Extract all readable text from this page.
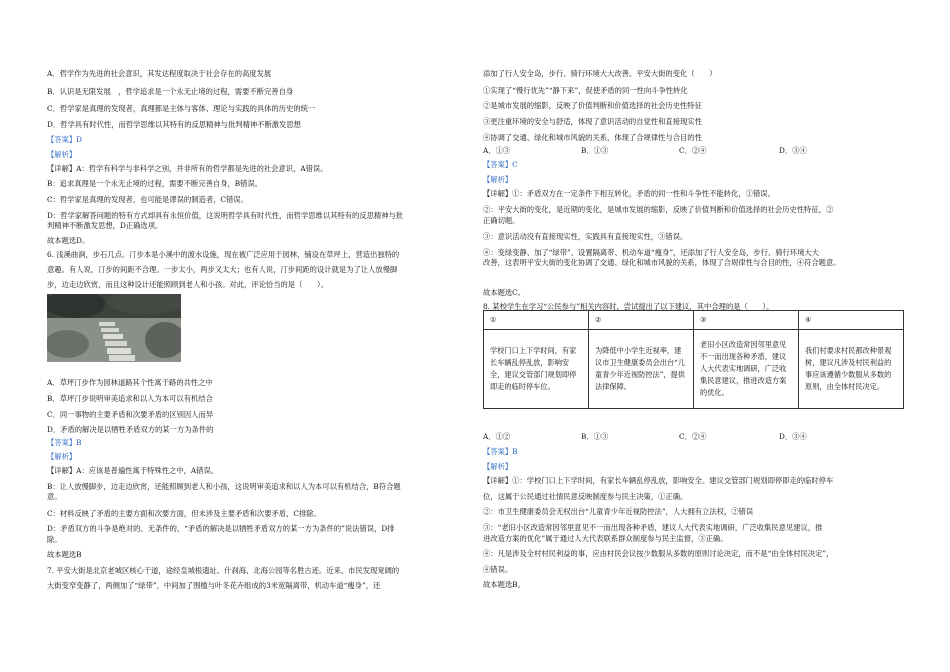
A．哲学作为先进的社会意识，其发达程度取决于社会存在的高度发展
B．认识是无限发展　，哲学追求是一个永无止境的过程，需要不断完善自身
C．哲学家是真理的发现者，真理都是主体与客体、理论与实践的具体的历史的统一
D．哲学具有时代性，而哲学思维以其特有的反思精神与批判精神不断激发思想
【答案】D
【解析】
【详解】A：哲学有科学与非科学之别，并非所有的哲学都是先进的社会意识，A错误。
B：追求真理是一个永无止境的过程，需要不断完善自身，B错误。
C：哲学家是真理的发现者，也可能是谬误的制造者，C错误。
D：哲学家解答问题的特有方式却具有永恒价值，这说明哲学具有时代性，而哲学思维以其特有的反思精神与批
判精神不断激发思想，D正确选项。
故本题选D。
6. 浅溪曲涧，步石几点。汀步本是小溪中的渡水设施，现在被广泛应用于园林，铺设在草坪上，营造出独特的
意趣。有人说，汀步的间距不合理。一步太小，两步又太大；也有人说，汀步间距的设计就是为了让人放慢脚
步，边走边欣赏，而且这种设计还能照顾到老人和小孩。对此，评论恰当的是（　　）。
A．草坪汀步作为园林道路其个性寓于路的共性之中
B．草坪汀步说明审美追求和以人为本可以有机结合
C．同一事物的主要矛盾和次要矛盾的区别因人而异
D．矛盾的解决是以牺牲矛盾双方的某一方为条件的
【答案】B
【解析】
【详解】A：应该是普遍性寓于特殊性之中，A错误。
B：让人放慢脚步，边走边欣赏，还能照顾到老人和小孩，这说明审美追求和以人为本可以有机结合，B符合题
意。
C：材料反映了矛盾的主要方面和次要方面，但未涉及主要矛盾和次要矛盾，C排除。
D：矛盾双方的斗争是绝对的、无条件的，“矛盾的解决是以牺牲矛盾双方的某一方为条件的”说法错误，D排
除。
故本题选B
7. 平安大街是北京老城区核心干道，途经皇城根遗址、什刹海、北海公园等名胜古迹。近来，市民发现宽阔的
大街变窄变静了，两侧加了“绿带”，中间加了围槛与叶冬花卉组成的3米宽隔离带，机动车道“瘦身”，还
添加了行人安全岛，步行、骑行环境大大改善。平安大街的变化（　　）
①实现了“慢行优先”“静下来”，促使矛盾的同一性向斗争性转化
②是城市发展的缩影，反映了价值判断和价值选择的社会历史性特征
③更注重环境的安全与舒适，体现了意识活动的自觉性和直接现实性
④协调了交通、绿化和城市风貌的关系，体现了合规律性与合目的性
A．①③	B．①③	C．②④	D．③④
【答案】C
【解析】
【详解】①：矛盾双方在一定条件下相互转化，矛盾的同一性和斗争性不能转化，①错误。
②：平安大街的变化，是近期的变化，是城市发展的缩影，反映了价值判断和价值选择的社会历史性特征，②
正确切题。
③：意识活动没有直接现实性，实践具有直接现实性，③错误。
④：变绿变静、加了“绿带”、设置隔离带、机动车道“瘦身”，还添加了行人安全岛，步行、骑行环境大大
改善，这表明平安大街的变化协调了交通、绿化和城市风貌的关系，体现了合规律性与合目的性，④符合题意。
故本题选C。
8. 某校学生在学习“公民参与”相关内容时，尝试提出了以下建议，其中合理的是（　　）。
①	②	③	④
学校门口上下学时间，有家长车辆乱停乱放，影响安全，建议交管部门规划即停即走的临时停车位。	为降低中小学生近视率，建议市卫生健康委员会出台“儿童青少年近视防控法”，提供法律保障。	老旧小区改造常因邻里意见不一而出现各种矛盾，建议人大代表实地调研，广泛收集民意建议，推进改造方案的优化。	我们村要求村民都改种景观树，建议凡涉及村民利益的事应该遵循少数服从多数的原则，由全体村民决定。
A．①②	B．①③	C．②④	D．③④
【答案】B
【解析】
【详解】①：学校门口上下学时间，有家长车辆乱停乱放，影响安全。建议交管部门规划即停即走的临时停车
位，这属于公民通过社情民意反映制度参与民主决策，①正确。
②：市卫生健康委员会无权出台“儿童青少年近视防控法”，人大拥有立法权，②错误
③：“老旧小区改造常因邻里意见不一而出现各种矛盾，建议人大代表实地调研，广泛收集民意见建议，推
进改造方案的优化”属于通过人大代表联系群众制度参与民主监督，③正确。
④：凡是涉及全村村民利益的事，应由村民会议按少数服从多数的原则讨论决定，而不是“由全体村民决定”，
④错误。
故本题选B。
